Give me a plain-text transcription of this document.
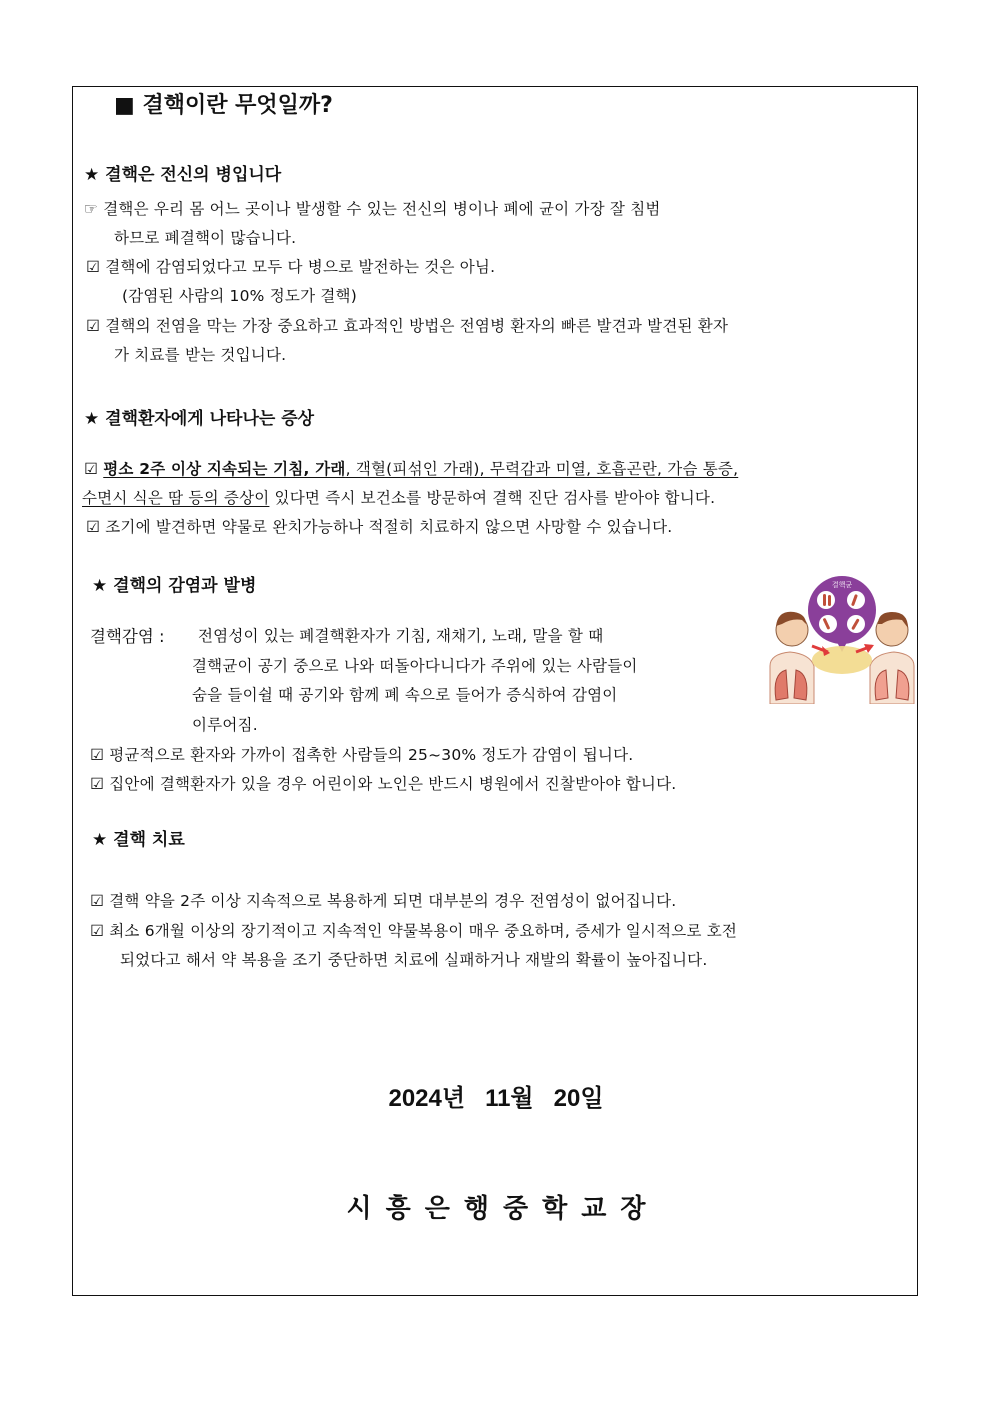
■ 결핵이란 무엇일까?
★ 결핵은 전신의 병입니다
☞ 결핵은 우리 몸 어느 곳이나 발생할 수 있는 전신의 병이나 폐에 균이 가장 잘 침범
하므로 폐결핵이 많습니다.
☑ 결핵에 감염되었다고 모두 다 병으로 발전하는 것은 아님.
(감염된 사람의 10% 정도가 결핵)
☑ 결핵의 전염을 막는 가장 중요하고 효과적인 방법은 전염병 환자의 빠른 발견과 발견된 환자
가 치료를 받는 것입니다.
★ 결핵환자에게 나타나는 증상
☑ 평소 2주 이상 지속되는 기침, 가래, 객혈(피섞인 가래), 무력감과 미열, 호흡곤란, 가슴 통증,
수면시 식은 땀 등의 증상이 있다면 즉시 보건소를 방문하여 결핵 진단 검사를 받아야 합니다.
☑ 조기에 발견하면 약물로 완치가능하나 적절히 치료하지 않으면 사망할 수 있습니다.
★ 결핵의 감염과 발병
결핵감염 : 전염성이 있는 폐결핵환자가 기침, 재채기, 노래, 말을 할 때
결핵균이 공기 중으로 나와 떠돌아다니다가 주위에 있는 사람들이
숨을 들이쉴 때 공기와 함께 폐 속으로 들어가 증식하여 감염이
이루어짐.
☑ 평균적으로 환자와 가까이 접촉한 사람들의 25~30% 정도가 감염이 됩니다.
☑ 집안에 결핵환자가 있을 경우 어린이와 노인은 반드시 병원에서 진찰받아야 합니다.
결핵균
★ 결핵 치료
☑ 결핵 약을 2주 이상 지속적으로 복용하게 되면 대부분의 경우 전염성이 없어집니다.
☑ 최소 6개월 이상의 장기적이고 지속적인 약물복용이 매우 중요하며, 증세가 일시적으로 호전
되었다고 해서 약 복용을 조기 중단하면 치료에 실패하거나 재발의 확률이 높아집니다.
2024년   11월   20일
시흥은행중학교장
